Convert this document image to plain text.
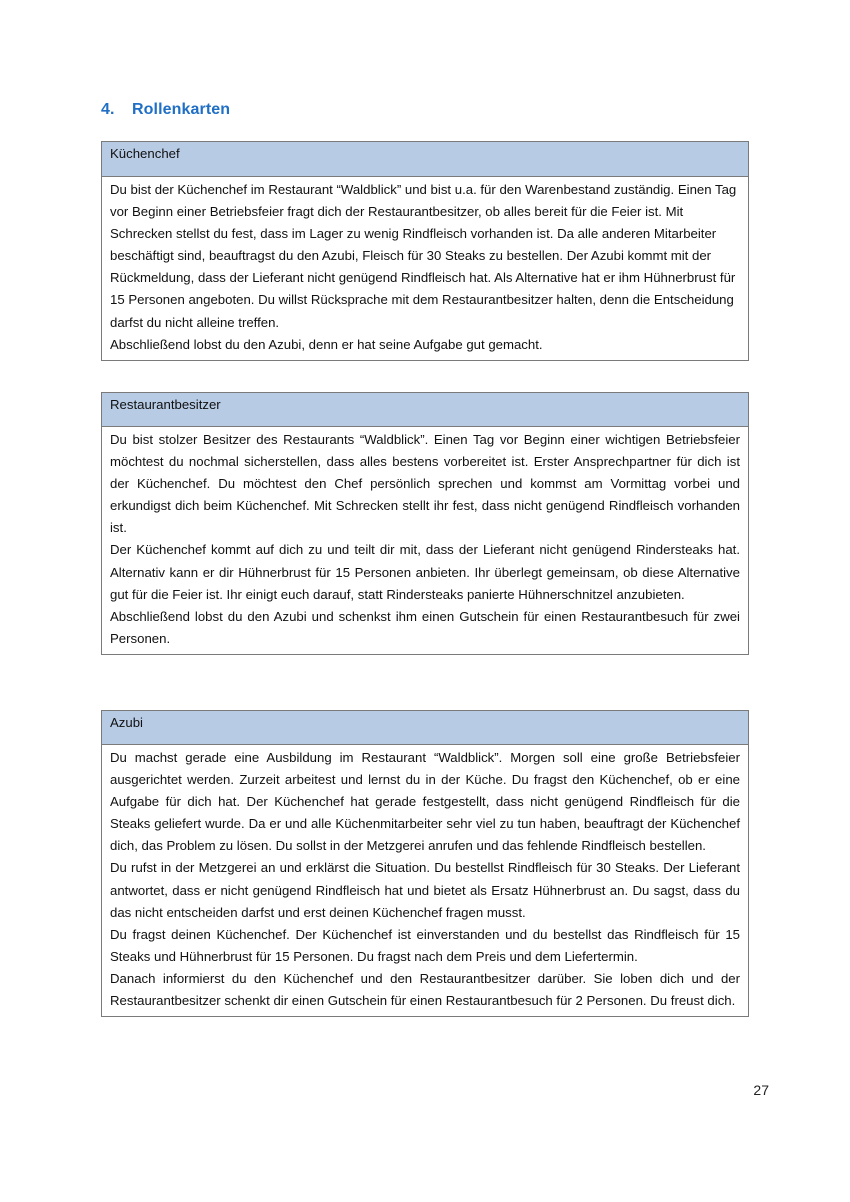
4. Rollenkarten
Küchenchef

Du bist der Küchenchef im Restaurant “Waldblick” und bist u.a. für den Warenbestand zuständig. Einen Tag vor Beginn einer Betriebsfeier fragt dich der Restaurantbesitzer, ob alles bereit für die Feier ist. Mit Schrecken stellst du fest, dass im Lager zu wenig Rindfleisch vorhanden ist. Da alle anderen Mitarbeiter beschäftigt sind, beauftragst du den Azubi, Fleisch für 30 Steaks zu bestellen. Der Azubi kommt mit der Rückmeldung, dass der Lieferant nicht genügend Rindfleisch hat. Als Alternative hat er ihm Hühnerbrust für 15 Personen angeboten. Du willst Rücksprache mit dem Restaurantbesitzer halten, denn die Entscheidung darfst du nicht alleine treffen.

Abschließend lobst du den Azubi, denn er hat seine Aufgabe gut gemacht.

Restaurantbesitzer

Du bist stolzer Besitzer des Restaurants “Waldblick”. Einen Tag vor Beginn einer wichtigen Betriebsfeier möchtest du nochmal sicherstellen, dass alles bestens vorbereitet ist. Erster Ansprechpartner für dich ist der Küchenchef. Du möchtest den Chef persönlich sprechen und kommst am Vormittag vorbei und erkundigst dich beim Küchenchef. Mit Schrecken stellt ihr fest, dass nicht genügend Rindfleisch vorhanden ist.

Der Küchenchef kommt auf dich zu und teilt dir mit, dass der Lieferant nicht genügend Rindersteaks hat. Alternativ kann er dir Hühnerbrust für 15 Personen anbieten. Ihr überlegt gemeinsam, ob diese Alternative gut für die Feier ist. Ihr einigt euch darauf, statt Rindersteaks panierte Hühnerschnitzel anzubieten.

Abschließend lobst du den Azubi und schenkst ihm einen Gutschein für einen Restaurantbesuch für zwei Personen.

Azubi

Du machst gerade eine Ausbildung im Restaurant “Waldblick”. Morgen soll eine große Betriebsfeier ausgerichtet werden. Zurzeit arbeitest und lernst du in der Küche. Du fragst den Küchenchef, ob er eine Aufgabe für dich hat. Der Küchenchef hat gerade festgestellt, dass nicht genügend Rindfleisch für die Steaks geliefert wurde. Da er und alle Küchenmitarbeiter sehr viel zu tun haben, beauftragt der Küchenchef dich, das Problem zu lösen. Du sollst in der Metzgerei anrufen und das fehlende Rindfleisch bestellen.

Du rufst in der Metzgerei an und erklärst die Situation. Du bestellst Rindfleisch für 30 Steaks. Der Lieferant antwortet, dass er nicht genügend Rindfleisch hat und bietet als Ersatz Hühnerbrust an. Du sagst, dass du das nicht entscheiden darfst und erst deinen Küchenchef fragen musst.

Du fragst deinen Küchenchef. Der Küchenchef ist einverstanden und du bestellst das Rindfleisch für 15 Steaks und Hühnerbrust für 15 Personen. Du fragst nach dem Preis und dem Liefertermin.

Danach informierst du den Küchenchef und den Restaurantbesitzer darüber. Sie loben dich und der Restaurantbesitzer schenkt dir einen Gutschein für einen Restaurantbesuch für 2 Personen. Du freust dich.

27
